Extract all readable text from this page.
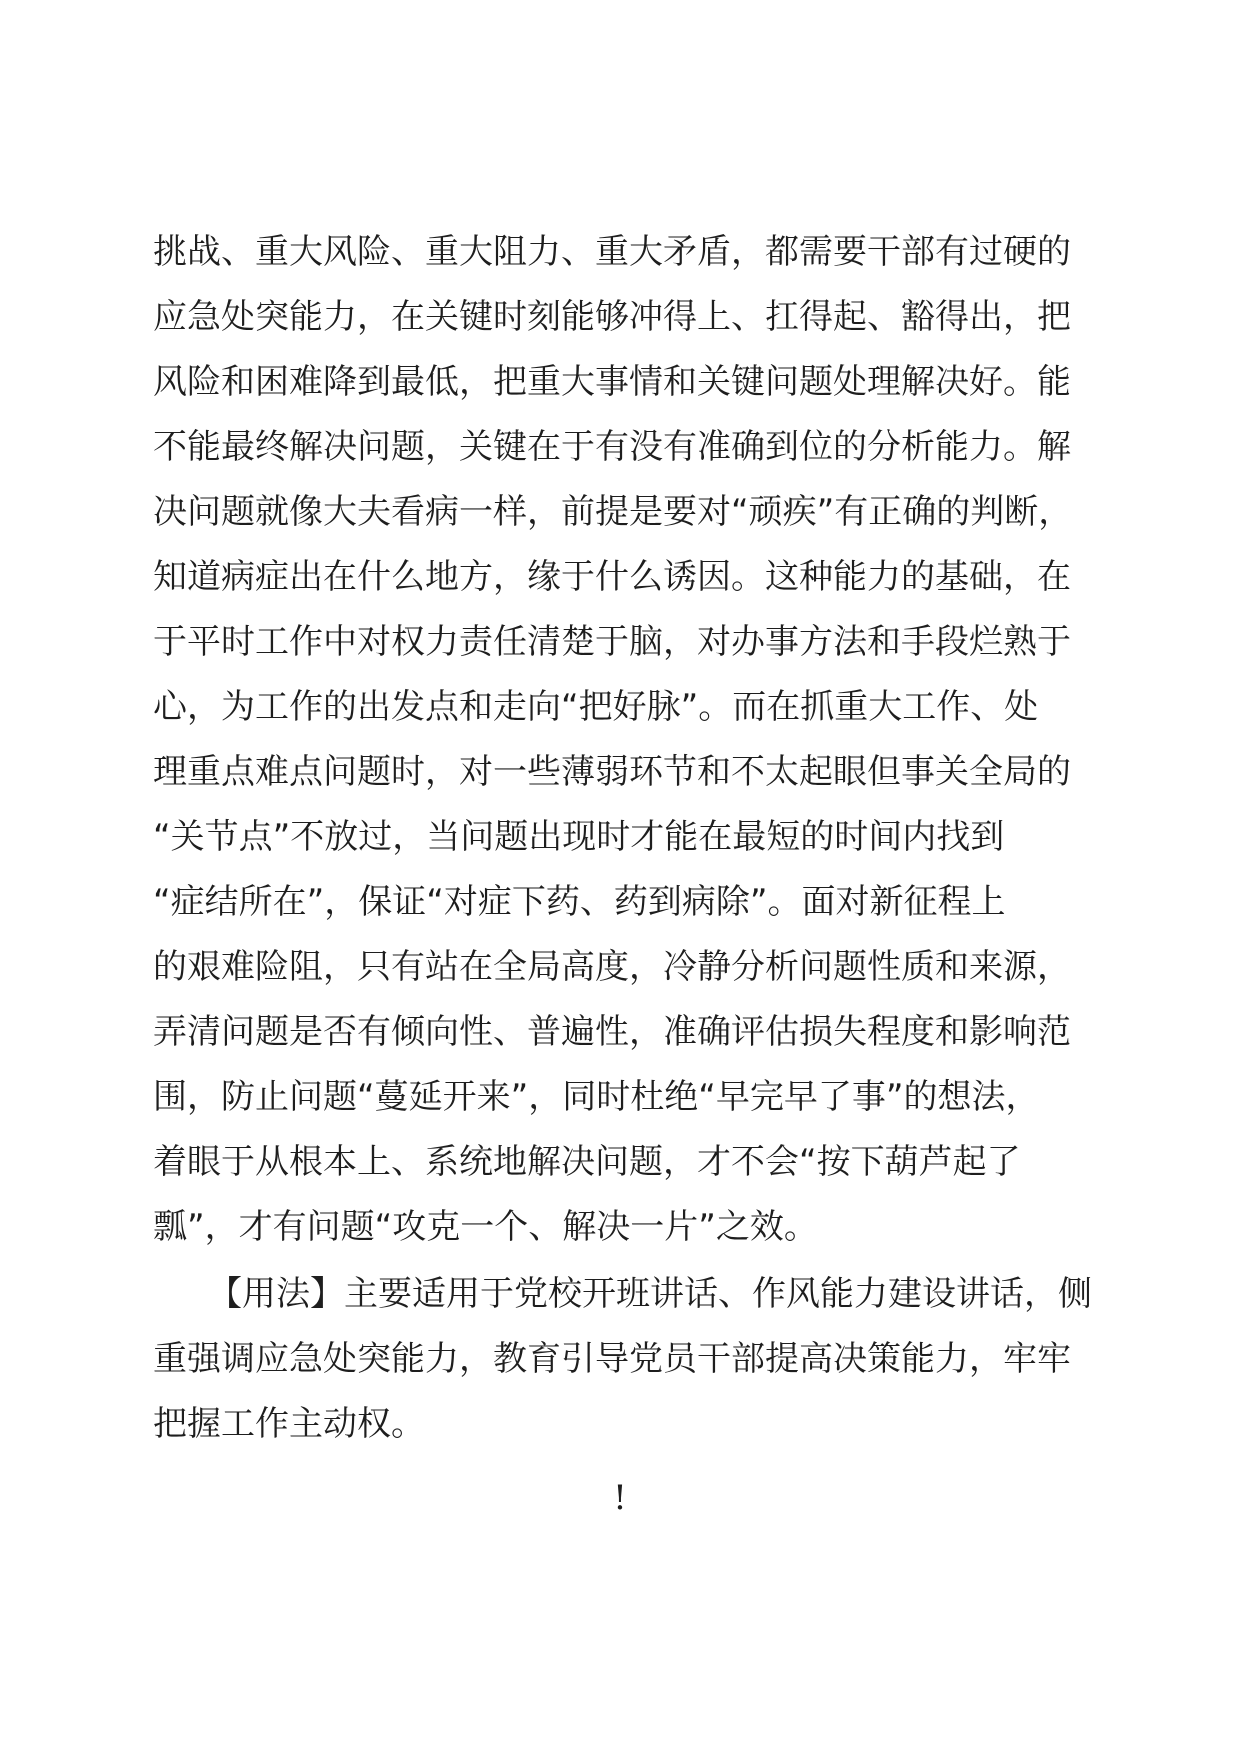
挑战、重大风险、重大阻力、重大矛盾，都需要干部有过硬的
应急处突能力，在关键时刻能够冲得上、扛得起、豁得出，把
风险和困难降到最低，把重大事情和关键问题处理解决好。能
不能最终解决问题，关键在于有没有准确到位的分析能力。解
决问题就像大夫看病一样，前提是要对“顽疾”有正确的判断，
知道病症出在什么地方，缘于什么诱因。这种能力的基础，在
于平时工作中对权力责任清楚于脑，对办事方法和手段烂熟于
心，为工作的出发点和走向“把好脉”。而在抓重大工作、处
理重点难点问题时，对一些薄弱环节和不太起眼但事关全局的
“关节点”不放过，当问题出现时才能在最短的时间内找到
“症结所在”，保证“对症下药、药到病除”。面对新征程上
的艰难险阻，只有站在全局高度，冷静分析问题性质和来源，
弄清问题是否有倾向性、普遍性，准确评估损失程度和影响范
围，防止问题“蔓延开来”，同时杜绝“早完早了事”的想法，
着眼于从根本上、系统地解决问题，才不会“按下葫芦起了
瓢”，才有问题“攻克一个、解决一片”之效。
【用法】主要适用于党校开班讲话、作风能力建设讲话，侧
重强调应急处突能力，教育引导党员干部提高决策能力，牢牢
把握工作主动权。
!
